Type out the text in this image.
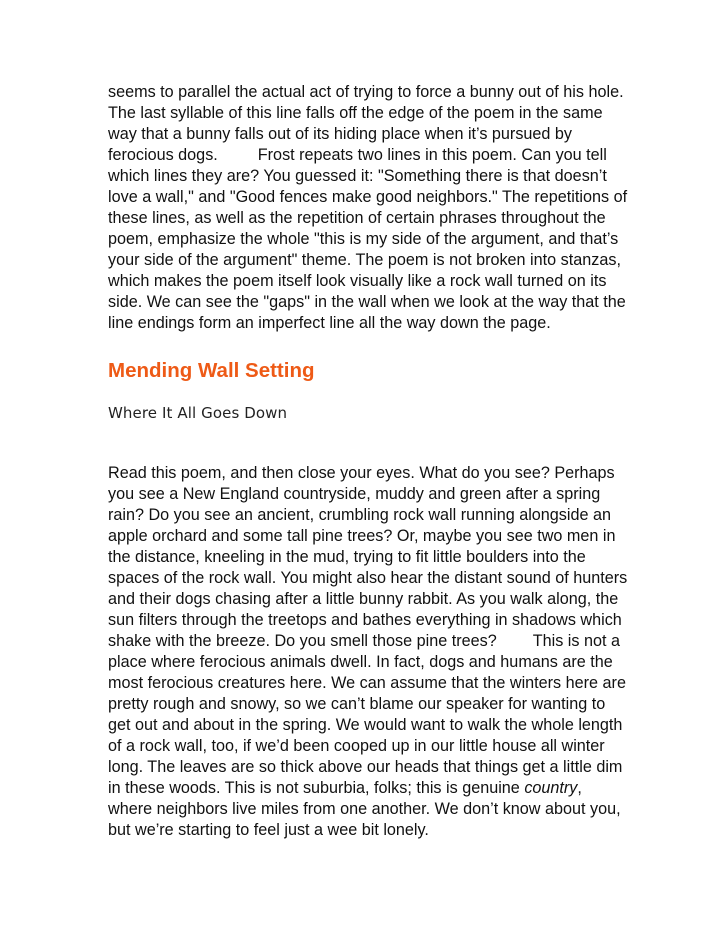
seems to parallel the actual act of trying to force a bunny out of his hole. The last syllable of this line falls off the edge of the poem in the same way that a bunny falls out of its hiding place when it’s pursued by ferocious dogs. Frost repeats two lines in this poem. Can you tell which lines they are? You guessed it: "Something there is that doesn’t love a wall," and "Good fences make good neighbors." The repetitions of these lines, as well as the repetition of certain phrases throughout the poem, emphasize the whole "this is my side of the argument, and that’s your side of the argument" theme. The poem is not broken into stanzas, which makes the poem itself look visually like a rock wall turned on its side. We can see the "gaps" in the wall when we look at the way that the line endings form an imperfect line all the way down the page.

Mending Wall Setting
Where It All Goes Down

Read this poem, and then close your eyes. What do you see? Perhaps you see a New England countryside, muddy and green after a spring rain? Do you see an ancient, crumbling rock wall running alongside an apple orchard and some tall pine trees? Or, maybe you see two men in the distance, kneeling in the mud, trying to fit little boulders into the spaces of the rock wall. You might also hear the distant sound of hunters and their dogs chasing after a little bunny rabbit. As you walk along, the sun filters through the treetops and bathes everything in shadows which shake with the breeze. Do you smell those pine trees? This is not a place where ferocious animals dwell. In fact, dogs and humans are the most ferocious creatures here. We can assume that the winters here are pretty rough and snowy, so we can’t blame our speaker for wanting to get out and about in the spring. We would want to walk the whole length of a rock wall, too, if we’d been cooped up in our little house all winter long. The leaves are so thick above our heads that things get a little dim in these woods. This is not suburbia, folks; this is genuine country, where neighbors live miles from one another. We don’t know about you, but we’re starting to feel just a wee bit lonely.
